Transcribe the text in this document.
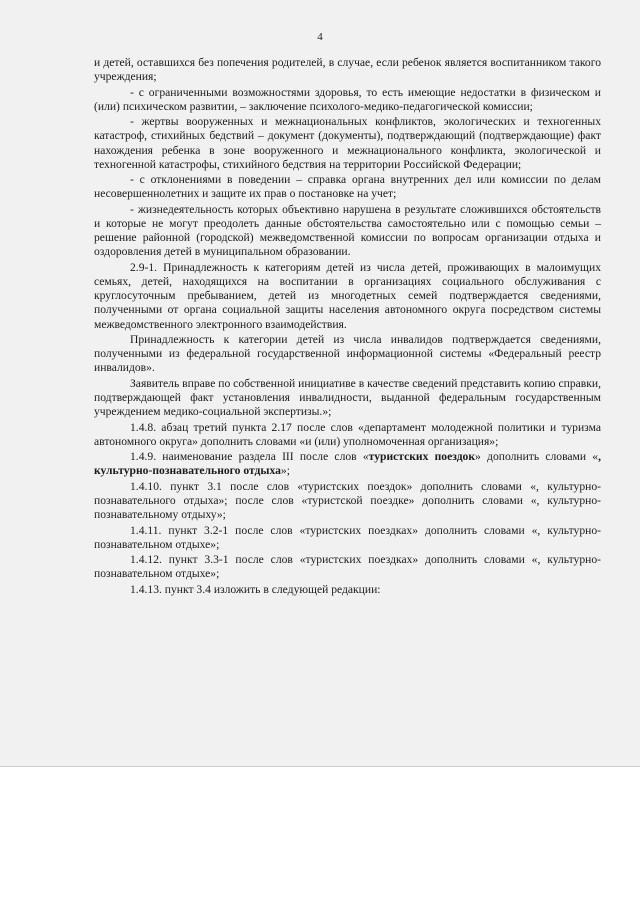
4

и детей, оставшихся без попечения родителей, в случае, если ребенок является воспитанником такого учреждения;

- с ограниченными возможностями здоровья, то есть имеющие недостатки в физическом и (или) психическом развитии, – заключение психолого-медико-педагогической комиссии;

- жертвы вооруженных и межнациональных конфликтов, экологических и техногенных катастроф, стихийных бедствий – документ (документы), подтверждающий (подтверждающие) факт нахождения ребенка в зоне вооруженного и межнационального конфликта, экологической и техногенной катастрофы, стихийного бедствия на территории Российской Федерации;

- с отклонениями в поведении – справка органа внутренних дел или комиссии по делам несовершеннолетних и защите их прав о постановке на учет;

- жизнедеятельность которых объективно нарушена в результате сложившихся обстоятельств и которые не могут преодолеть данные обстоятельства самостоятельно или с помощью семьи – решение районной (городской) межведомственной комиссии по вопросам организации отдыха и оздоровления детей в муниципальном образовании.

2.9-1. Принадлежность к категориям детей из числа детей, проживающих в малоимущих семьях, детей, находящихся на воспитании в организациях социального обслуживания с круглосуточным пребыванием, детей из многодетных семей подтверждается сведениями, полученными от органа социальной защиты населения автономного округа посредством системы межведомственного электронного взаимодействия.

Принадлежность к категории детей из числа инвалидов подтверждается сведениями, полученными из федеральной государственной информационной системы «Федеральный реестр инвалидов».

Заявитель вправе по собственной инициативе в качестве сведений представить копию справки, подтверждающей факт установления инвалидности, выданной федеральным государственным учреждением медико-социальной экспертизы.»;

1.4.8. абзац третий пункта 2.17 после слов «департамент молодежной политики и туризма автономного округа» дополнить словами «и (или) уполномоченная организация»;

1.4.9. наименование раздела III после слов «туристских поездок» дополнить словами «, культурно-познавательного отдыха»;

1.4.10. пункт 3.1 после слов «туристских поездок» дополнить словами «, культурно-познавательного отдыха»; после слов «туристской поездке» дополнить словами «, культурно-познавательному отдыху»;

1.4.11. пункт 3.2-1 после слов «туристских поездках» дополнить словами «, культурно-познавательном отдыхе»;

1.4.12. пункт 3.3-1 после слов «туристских поездках» дополнить словами «, культурно-познавательном отдыхе»;

1.4.13. пункт 3.4 изложить в следующей редакции:
